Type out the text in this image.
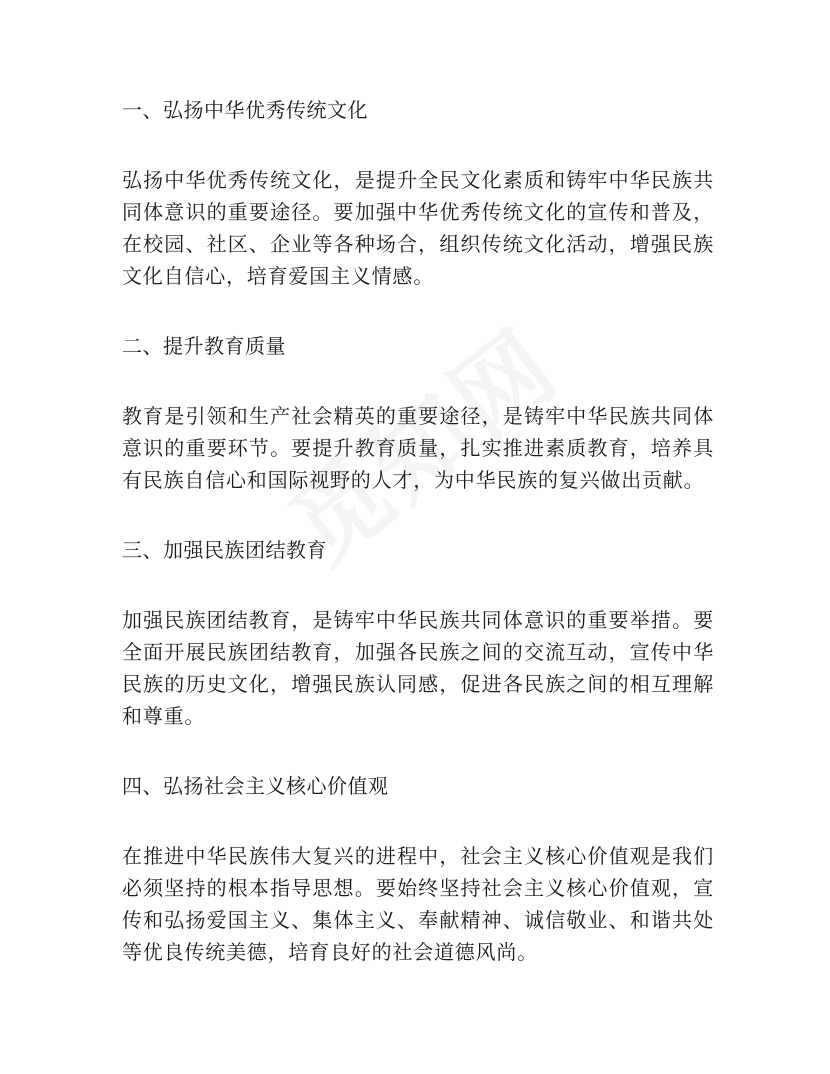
一、弘扬中华优秀传统文化

弘扬中华优秀传统文化，是提升全民文化素质和铸牢中华民族共同体意识的重要途径。要加强中华优秀传统文化的宣传和普及，在校园、社区、企业等各种场合，组织传统文化活动，增强民族文化自信心，培育爱国主义情感。

二、提升教育质量

教育是引领和生产社会精英的重要途径，是铸牢中华民族共同体意识的重要环节。要提升教育质量，扎实推进素质教育，培养具有民族自信心和国际视野的人才，为中华民族的复兴做出贡献。

三、加强民族团结教育

加强民族团结教育，是铸牢中华民族共同体意识的重要举措。要全面开展民族团结教育，加强各民族之间的交流互动，宣传中华民族的历史文化，增强民族认同感，促进各民族之间的相互理解和尊重。

四、弘扬社会主义核心价值观

在推进中华民族伟大复兴的进程中，社会主义核心价值观是我们必须坚持的根本指导思想。要始终坚持社会主义核心价值观，宣传和弘扬爱国主义、集体主义、奉献精神、诚信敬业、和谐共处等优良传统美德，培育良好的社会道德风尚。
